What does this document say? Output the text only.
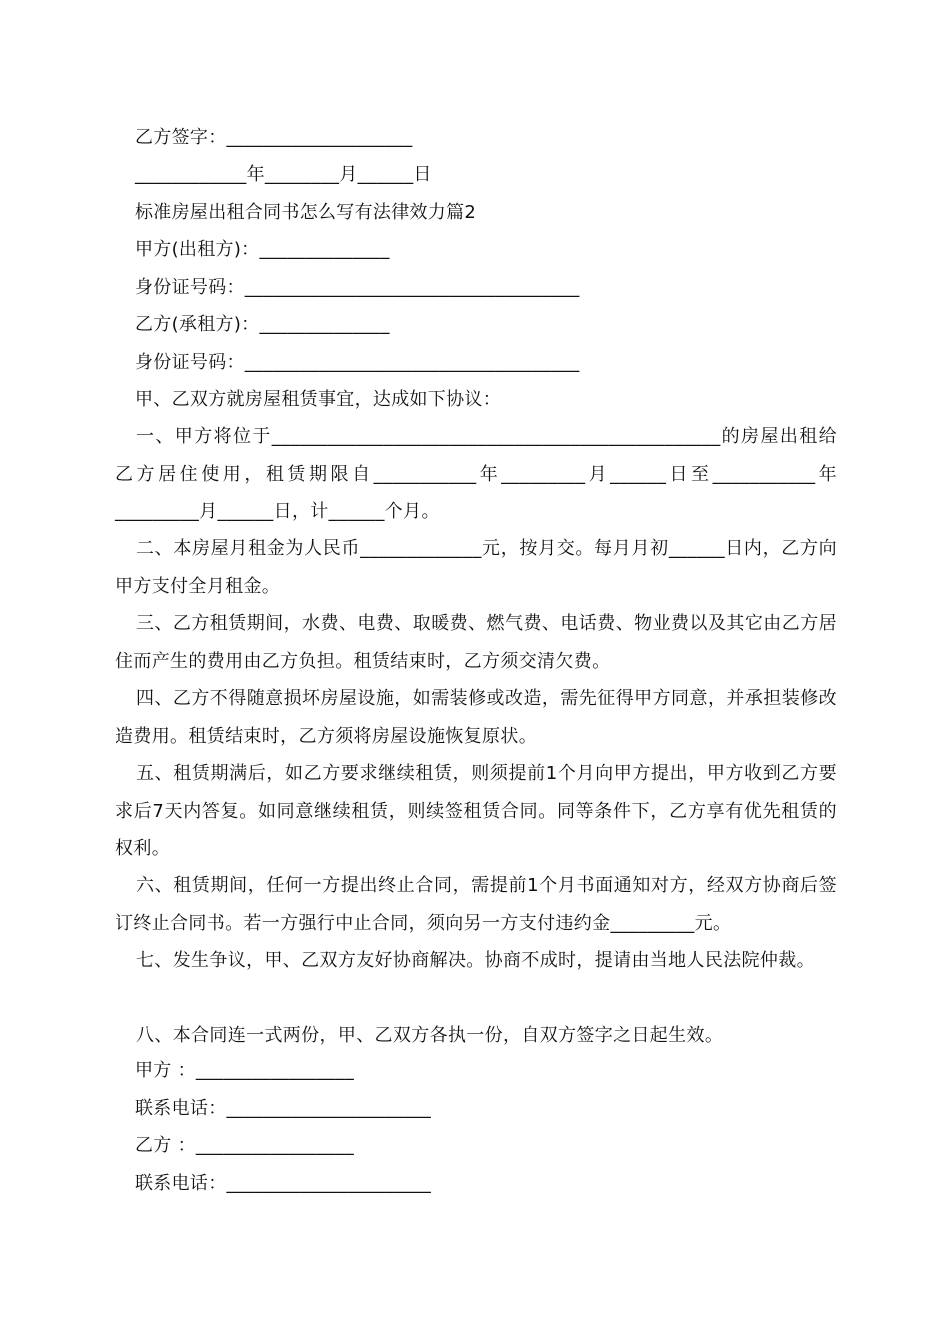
乙方签字：____________________
____________年________月______日
标准房屋出租合同书怎么写有法律效力篇2
甲方(出租方)：______________
身份证号码：____________________________________
乙方(承租方)：______________
身份证号码：____________________________________
甲、乙双方就房屋租赁事宜，达成如下协议：
一、甲方将位于________________________________________________的房屋出租给乙方居住使用，租赁期限自___________年_________月______日至___________年_________月______日，计______个月。
二、本房屋月租金为人民币_____________元，按月交。每月月初______日内，乙方向甲方支付全月租金。
三、乙方租赁期间，水费、电费、取暖费、燃气费、电话费、物业费以及其它由乙方居住而产生的费用由乙方负担。租赁结束时，乙方须交清欠费。
四、乙方不得随意损坏房屋设施，如需装修或改造，需先征得甲方同意，并承担装修改造费用。租赁结束时，乙方须将房屋设施恢复原状。
五、租赁期满后，如乙方要求继续租赁，则须提前1个月向甲方提出，甲方收到乙方要求后7天内答复。如同意继续租赁，则续签租赁合同。同等条件下，乙方享有优先租赁的权利。
六、租赁期间，任何一方提出终止合同，需提前1个月书面通知对方，经双方协商后签订终止合同书。若一方强行中止合同，须向另一方支付违约金_________元。
七、发生争议，甲、乙双方友好协商解决。协商不成时，提请由当地人民法院仲裁。
八、本合同连一式两份，甲、乙双方各执一份，自双方签字之日起生效。
甲方 ：_________________
联系电话：______________________
乙方 ：_________________
联系电话：______________________
